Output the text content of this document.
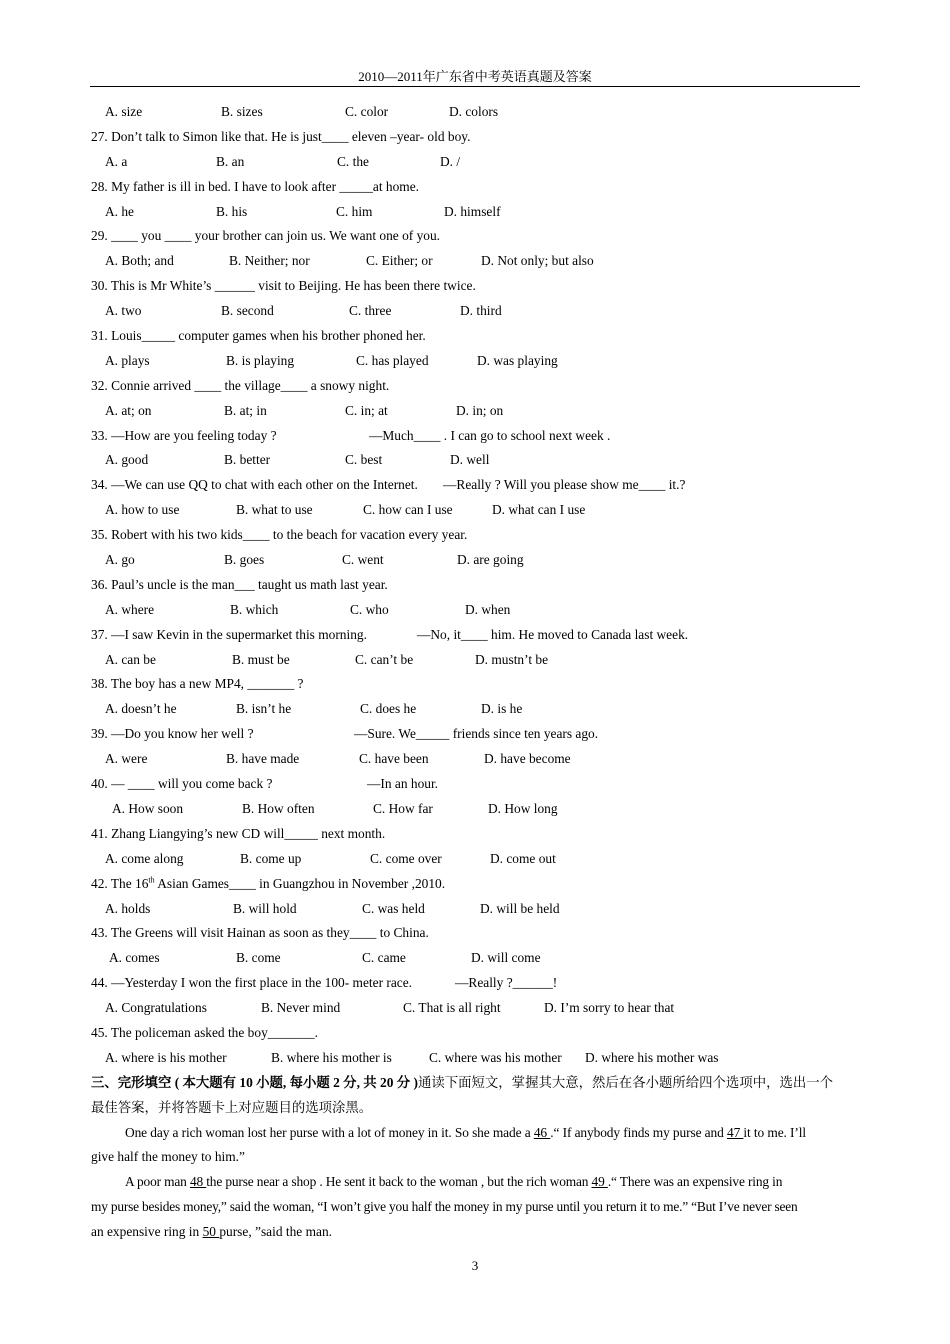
2010—2011年广东省中考英语真题及答案
A. size	B. sizes	C. color	D. colors
27. Don’t talk to Simon like that. He is just____ eleven –year- old boy.
A. a	B. an	C. the	D. /
28. My father is ill in bed. I have to look after _____at home.
A. he	B. his	C. him	D. himself
29. ____ you ____ your brother can join us. We want one of you.
A. Both; and	B. Neither; nor	C. Either; or	D. Not only; but also
30. This is Mr White’s ______ visit to Beijing. He has been there twice.
A. two	B. second	C. three	D. third
31. Louis_____ computer games when his brother phoned her.
A. plays	B. is playing	C. has played	D. was playing
32. Connie arrived ____ the village____ a snowy night.
A. at; on	B. at; in	C. in; at	D. in; on
33. —How are you feeling today ?	—Much____ . I can go to school next week .
A. good	B. better	C. best	D. well
34. —We can use QQ to chat with each other on the Internet. —Really ? Will you please show me____ it.?
A. how to use	B. what to use	C. how can I use	D. what can I use
35. Robert with his two kids____ to the beach for vacation every year.
A. go	B. goes	C. went	D. are going
36. Paul’s uncle is the man___ taught us math last year.
A. where	B. which	C. who	D. when
37. —I saw Kevin in the supermarket this morning.	—No, it____ him. He moved to Canada last week.
A. can be	B. must be	C. can’t be	D. mustn’t be
38. The boy has a new MP4, _______ ?
A. doesn’t he	B. isn’t he	C. does he	D. is he
39. —Do you know her well ?	—Sure. We_____ friends since ten years ago.
A. were	B. have made	C. have been	D. have become
40. — ____ will you come back ?	—In an hour.
A. How soon	B. How often	C. How far	D. How long
41. Zhang Liangying’s new CD will_____ next month.
A. come along	B. come up	C. come over	D. come out
42. The 16th Asian Games____ in Guangzhou in November ,2010.
A. holds	B. will hold	C. was held	D. will be held
43. The Greens will visit Hainan as soon as they____ to China.
A. comes	B. come	C. came	D. will come
44. —Yesterday I won the first place in the 100- meter race.	—Really ?______!
A. Congratulations	B. Never mind	C. That is all right	D. I’m sorry to hear that
45. The policeman asked the boy_______.
A. where is his mother	B. where his mother is	C. where was his mother D. where his mother was
三、完形填空 ( 本大题有 10 小题, 每小题 2 分, 共 20 分 )通读下面短文，掌握其大意，然后在各小题所给四个选项中，选出一个
最佳答案，并将答题卡上对应题目的选项涂黑。
One day a rich woman lost her purse with a lot of money in it. So she made a 46 .“ If anybody finds my purse and 47 it to me. I’ll
give half the money to him.”
A poor man 48 the purse near a shop . He sent it back to the woman , but the rich woman 49 .“ There was an expensive ring in
my purse besides money,” said the woman, “I won’t give you half the money in my purse until you return it to me.” “But I’ve never seen
an expensive ring in 50 purse, ”said the man.
3
